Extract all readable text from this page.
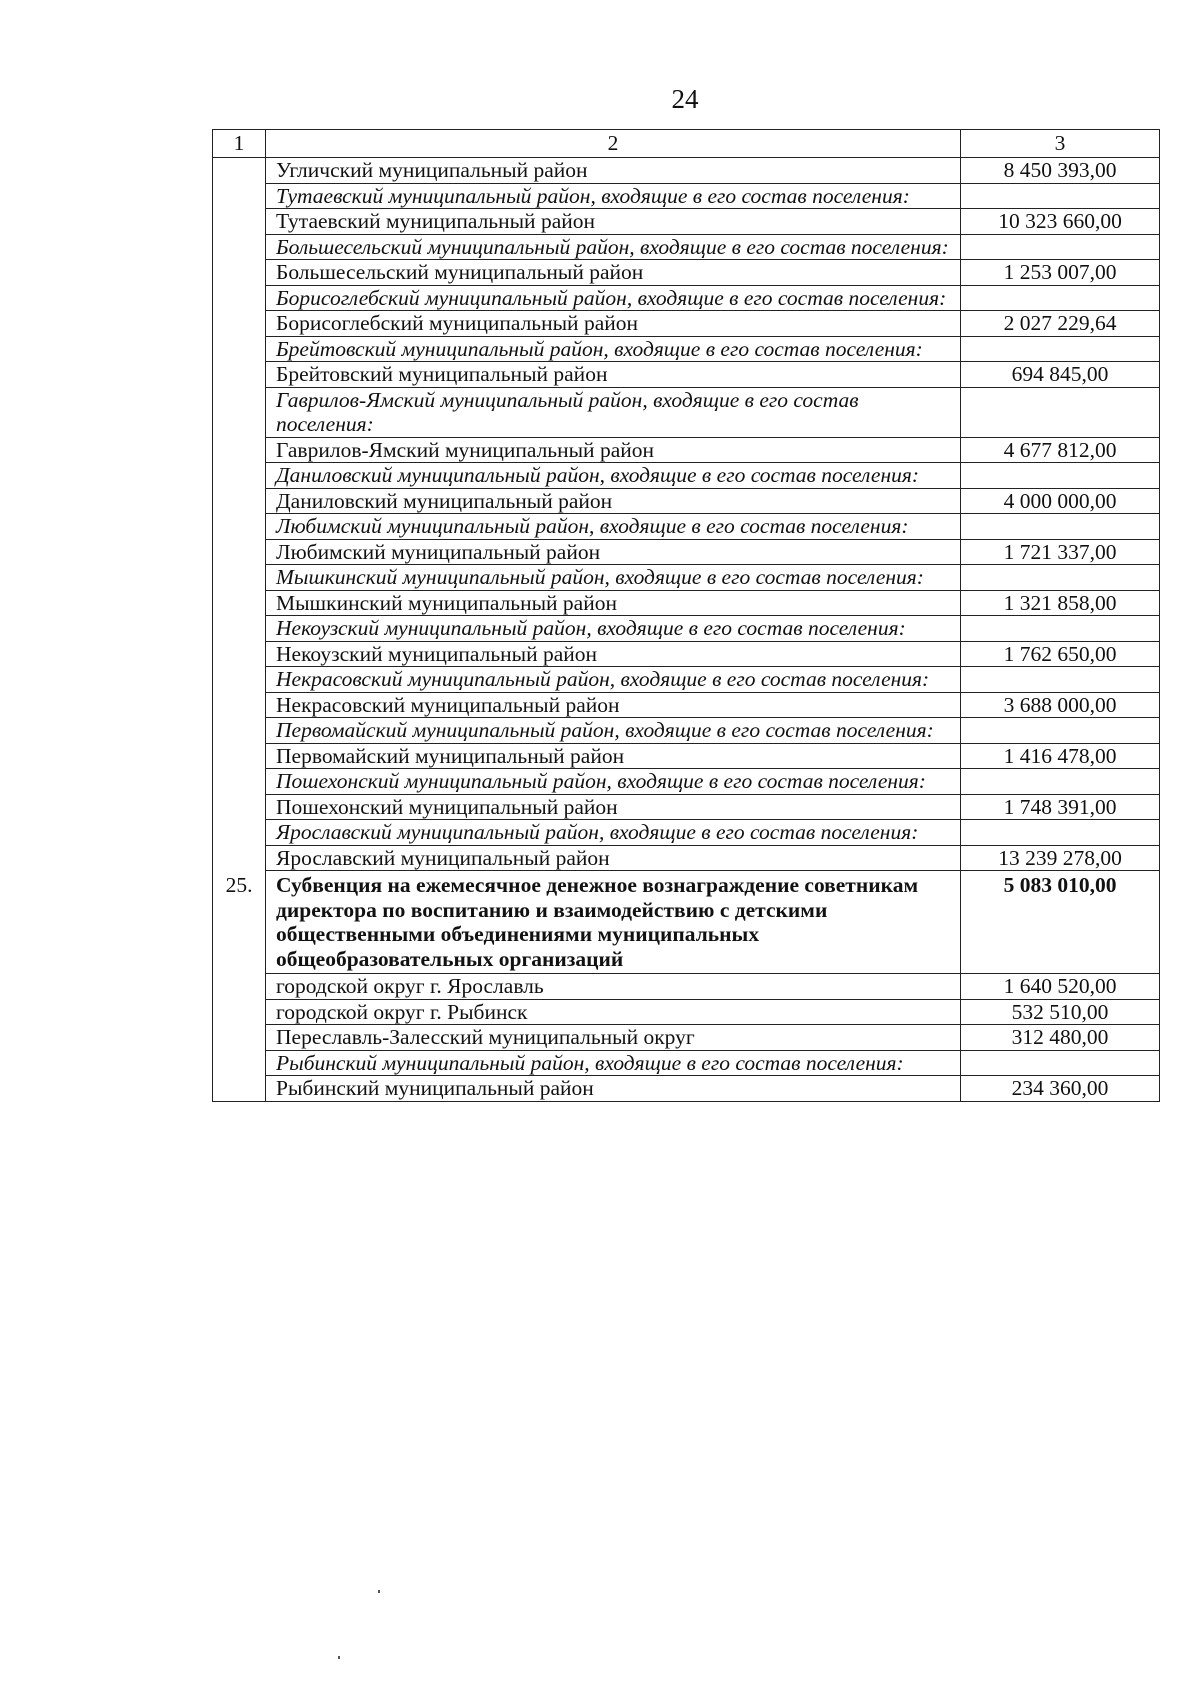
24
1	2	3
	Угличский муниципальный район	8 450 393,00
	Тутаевский муниципальный район, входящие в его состав поселения:	
	Тутаевский муниципальный район	10 323 660,00
	Большесельский муниципальный район, входящие в его состав поселения:	
	Большесельский муниципальный район	1 253 007,00
	Борисоглебский муниципальный район, входящие в его состав поселения:	
	Борисоглебский муниципальный район	2 027 229,64
	Брейтовский муниципальный район, входящие в его состав поселения:	
	Брейтовский муниципальный район	694 845,00
	Гаврилов-Ямский муниципальный район, входящие в его состав поселения:	
	Гаврилов-Ямский муниципальный район	4 677 812,00
	Даниловский муниципальный район, входящие в его состав поселения:	
	Даниловский муниципальный район	4 000 000,00
	Любимский муниципальный район, входящие в его состав поселения:	
	Любимский муниципальный район	1 721 337,00
	Мышкинский муниципальный район, входящие в его состав поселения:	
	Мышкинский муниципальный район	1 321 858,00
	Некоузский муниципальный район, входящие в его состав поселения:	
	Некоузский муниципальный район	1 762 650,00
	Некрасовский муниципальный район, входящие в его состав поселения:	
	Некрасовский муниципальный район	3 688 000,00
	Первомайский муниципальный район, входящие в его состав поселения:	
	Первомайский муниципальный район	1 416 478,00
	Пошехонский муниципальный район, входящие в его состав поселения:	
	Пошехонский муниципальный район	1 748 391,00
	Ярославский муниципальный район, входящие в его состав поселения:	
	Ярославский муниципальный район	13 239 278,00
25.	Субвенция на ежемесячное денежное вознаграждение советникам директора по воспитанию и взаимодействию с детскими общественными объединениями муниципальных общеобразовательных организаций	5 083 010,00
	городской округ г. Ярославль	1 640 520,00
	городской округ г. Рыбинск	532 510,00
	Переславль-Залесский муниципальный округ	312 480,00
	Рыбинский муниципальный район, входящие в его состав поселения:	
	Рыбинский муниципальный район	234 360,00
